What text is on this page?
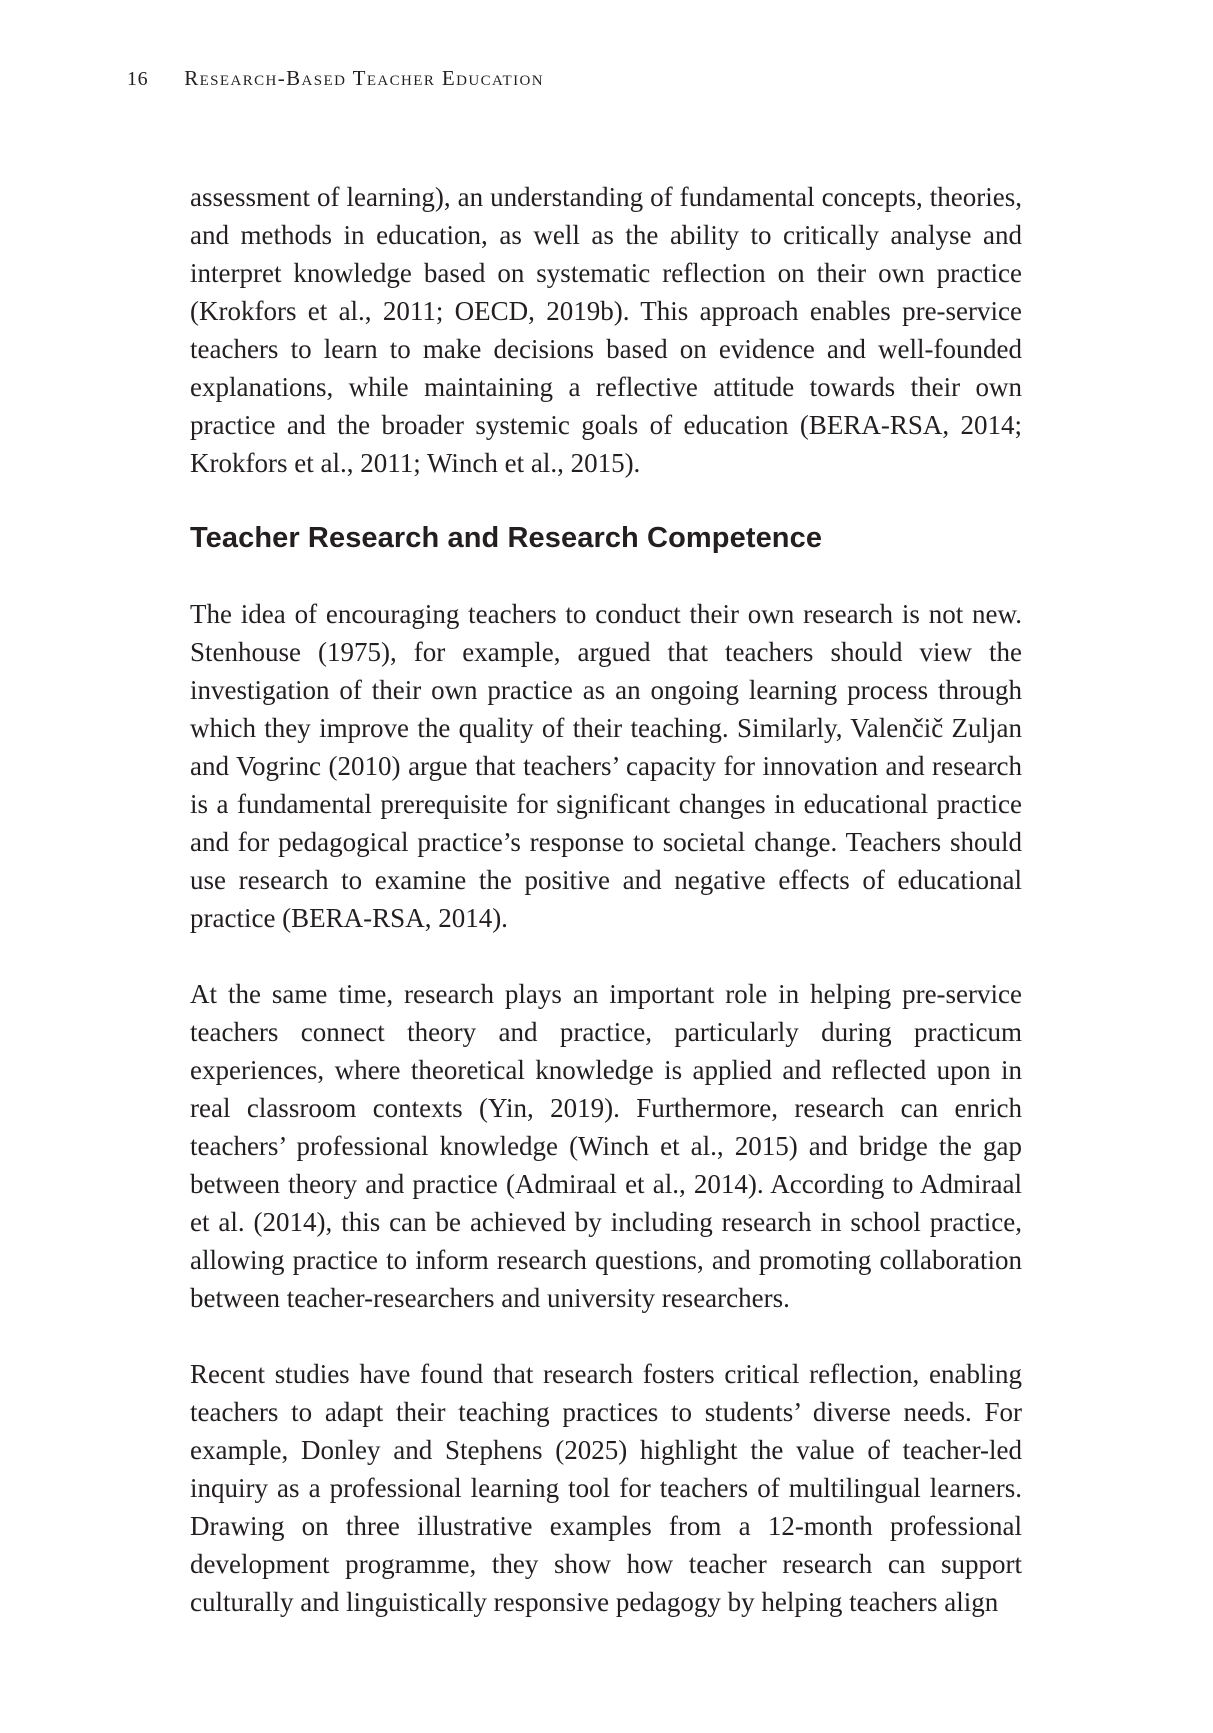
16 Research-Based Teacher Education

assessment of learning), an understanding of fundamental concepts, theories, and methods in education, as well as the ability to critically analyse and interpret knowledge based on systematic reflection on their own practice (Krokfors et al., 2011; OECD, 2019b). This approach enables pre-service teachers to learn to make decisions based on evidence and well-founded explanations, while maintaining a reflective attitude towards their own practice and the broader systemic goals of education (BERA-RSA, 2014; Krokfors et al., 2011; Winch et al., 2015).

Teacher Research and Research Competence

The idea of encouraging teachers to conduct their own research is not new. Stenhouse (1975), for example, argued that teachers should view the investigation of their own practice as an ongoing learning process through which they improve the quality of their teaching. Similarly, Valenčič Zuljan and Vogrinc (2010) argue that teachers’ capacity for innovation and research is a fundamental prerequisite for significant changes in educational practice and for pedagogical practice’s response to societal change. Teachers should use research to examine the positive and negative effects of educational practice (BERA-RSA, 2014).

At the same time, research plays an important role in helping pre-service teachers connect theory and practice, particularly during practicum experiences, where theoretical knowledge is applied and reflected upon in real classroom contexts (Yin, 2019). Furthermore, research can enrich teachers’ professional knowledge (Winch et al., 2015) and bridge the gap between theory and practice (Admiraal et al., 2014). According to Admiraal et al. (2014), this can be achieved by including research in school practice, allowing practice to inform research questions, and promoting collaboration between teacher-researchers and university researchers.

Recent studies have found that research fosters critical reflection, enabling teachers to adapt their teaching practices to students’ diverse needs. For example, Donley and Stephens (2025) highlight the value of teacher-led inquiry as a professional learning tool for teachers of multilingual learners. Drawing on three illustrative examples from a 12-month professional development programme, they show how teacher research can support culturally and linguistically responsive pedagogy by helping teachers align
